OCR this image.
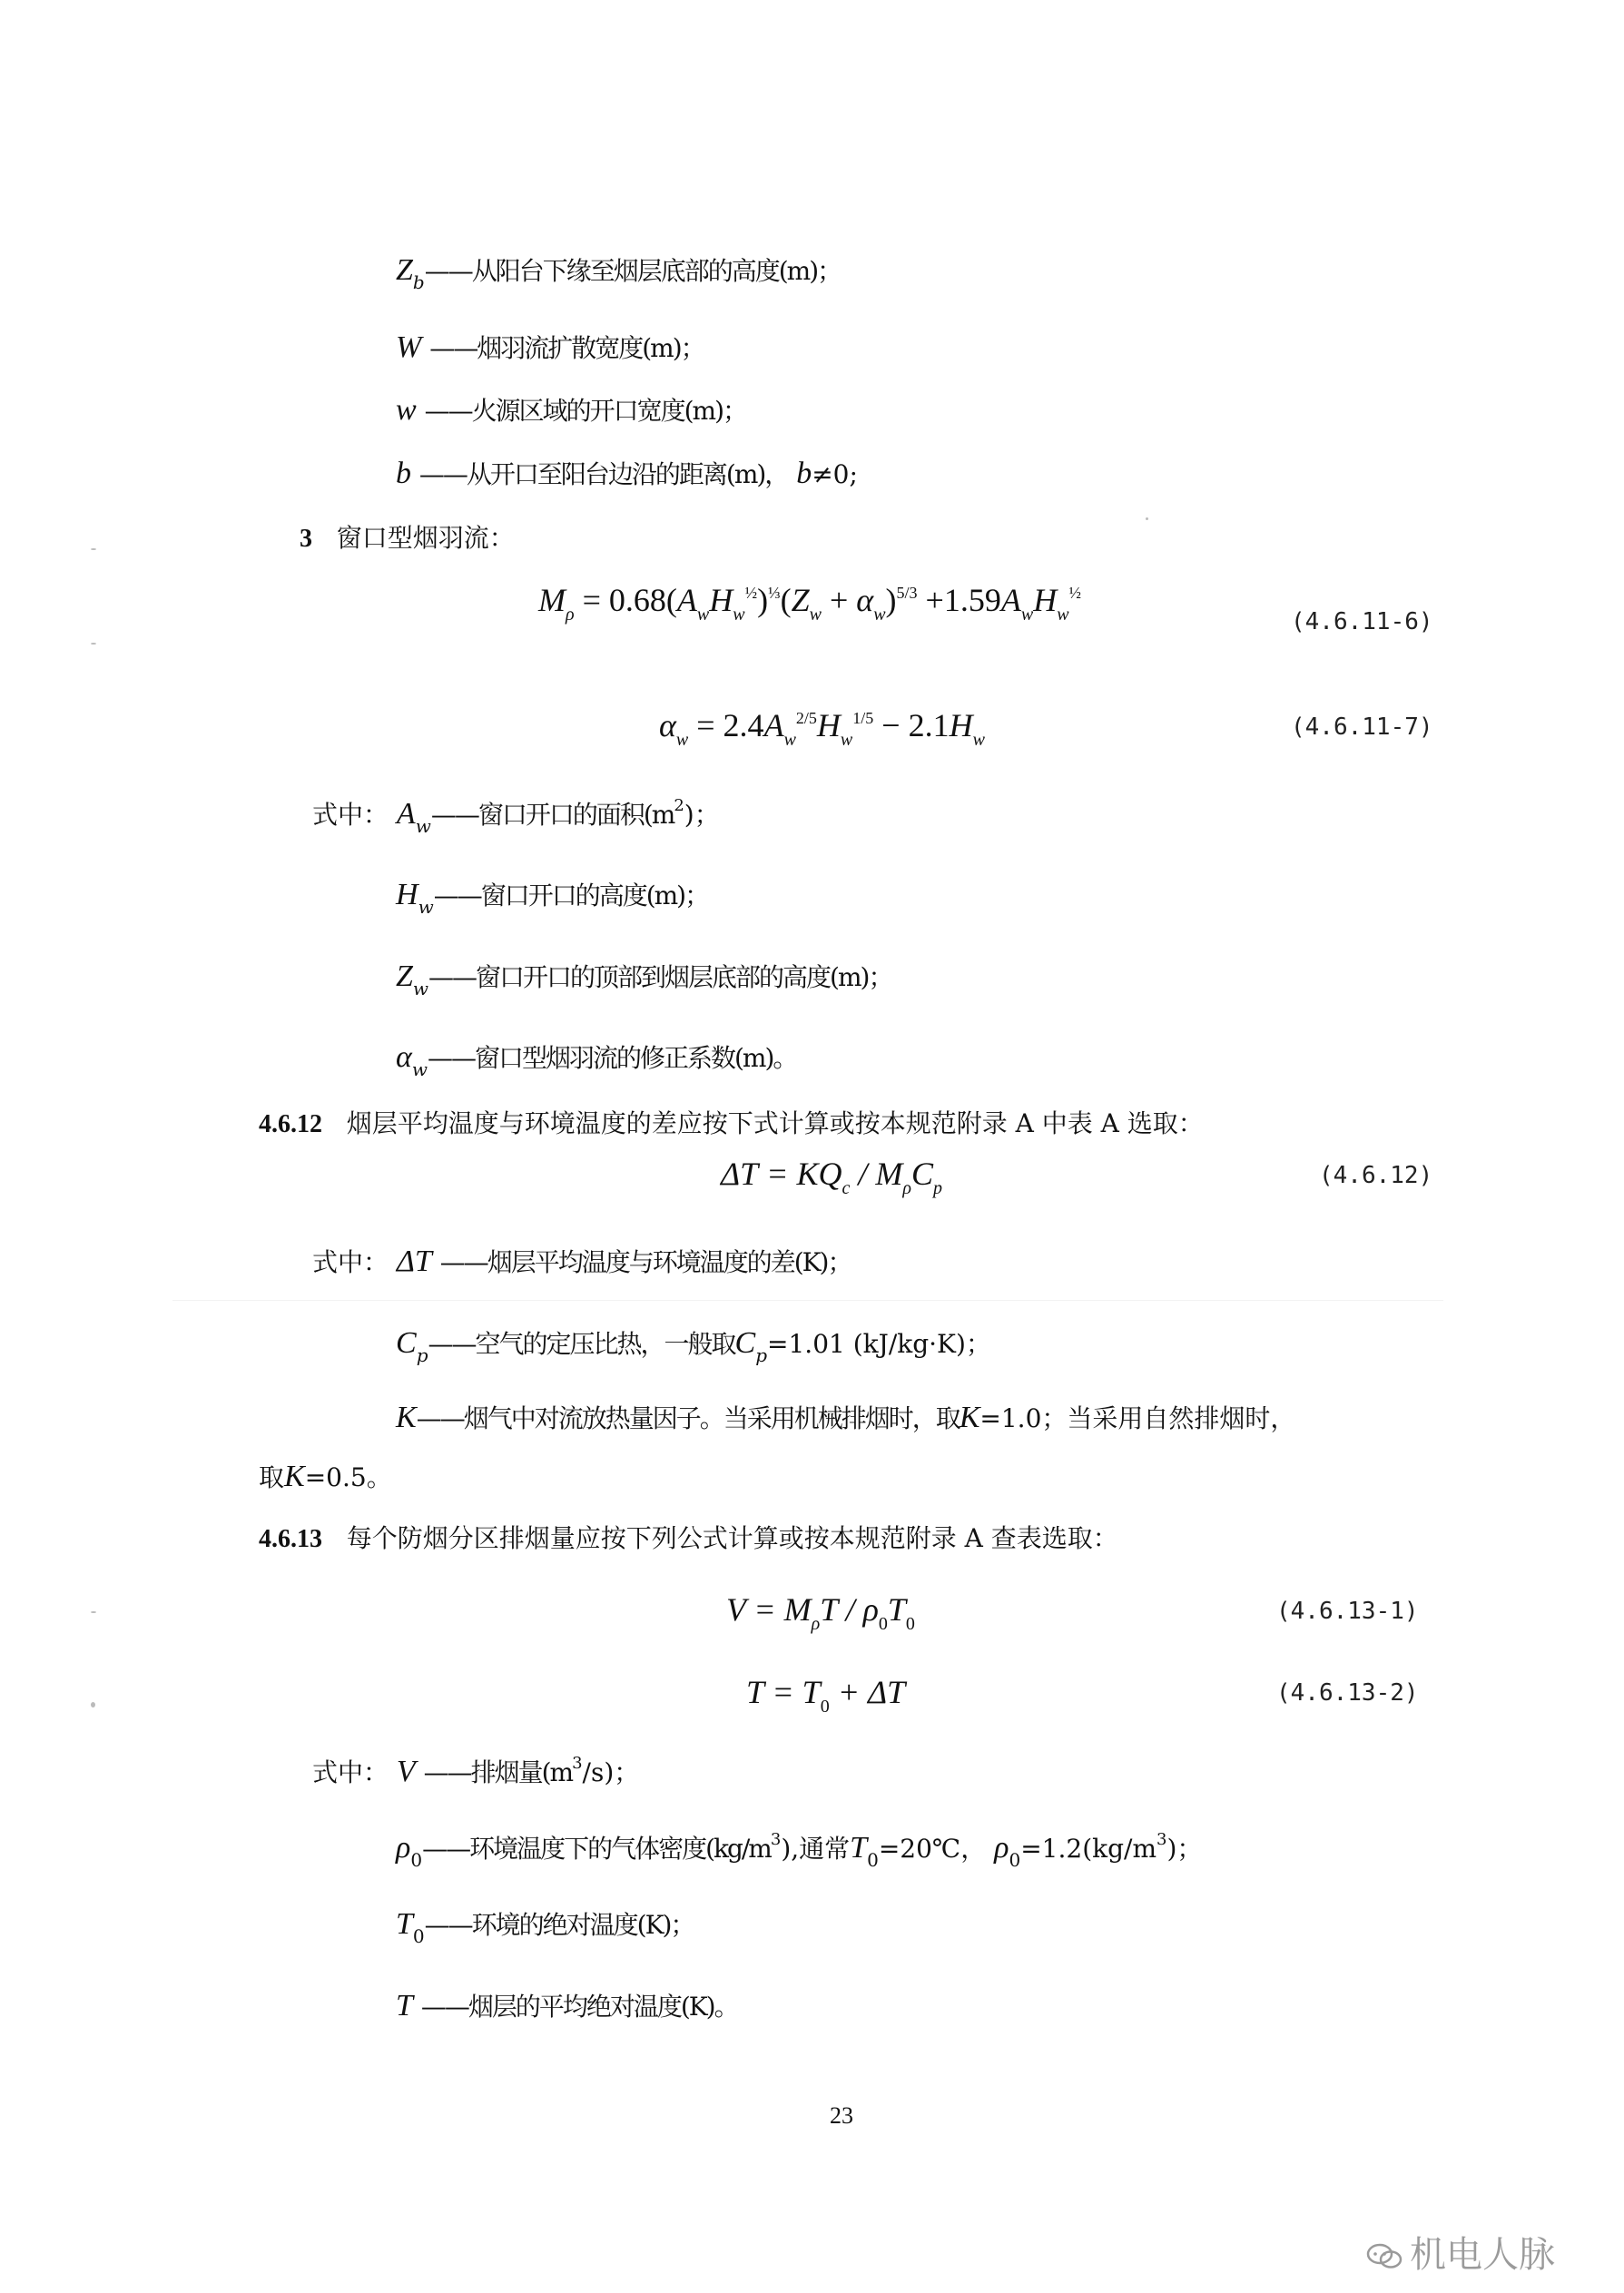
$Z_b——$从阳台下缘至烟层底部的高度(m)；
W ——烟羽流扩散宽度(m)；
w ——火源区域的开口宽度(m)；
b ——从开口至阳台边沿的距离(m)， b≠0;
3 窗口型烟羽流：
$M_\rho = 0.68(A_wH_w^{\frac{1}{2}})^{\frac{1}{3}}(Z_w + \alpha_w)^{5/3} +1.59A_wH_w^{\frac{1}{2}}$
(4.6.11-6)
$\alpha_w = 2.4A_w^{2/5}H_w^{1/5} - 2.1H_w$	(4.6.11-7)
式中： $A_w——$窗口开口的面积$(m^2)$；
$H_w——$窗口开口的高度(m)；
$Z_w——$窗口开口的顶部到烟层底部的高度(m)；
$\alpha_w——$窗口型烟羽流的修正系数(m)。
4.6.12 烟层平均温度与环境温度的差应按下式计算或按本规范附录 A 中表 A 选取：
$\Delta T = KQ_c / M_\rho C_p$	(4.6.12)
式中： ΔT ——烟层平均温度与环境温度的差(K)；
$C_p——$空气的定压比热，一般取$C_p=1.01$ (kJ/kg·K)；
K——烟气中对流放热量因子。当采用机械排烟时，取K=1.0；当采用自然排烟时，
取K=0.5。
4.6.13 每个防烟分区排烟量应按下列公式计算或按本规范附录 A 查表选取：
$V = M_\rho T / \rho_0T_0$	(4.6.13-1)
$T = T_0 + \Delta T$	(4.6.13-2)
式中： V ——排烟量$(m^3/s)$；
$\rho_0——$环境温度下的气体密度$(kg/m^3)$,通常$T_0=20℃$， $\rho_0=1.2(kg/m^3)$；
$T_0——$环境的绝对温度(K)；
T ——烟层的平均绝对温度(K)。
23
机电人脉
